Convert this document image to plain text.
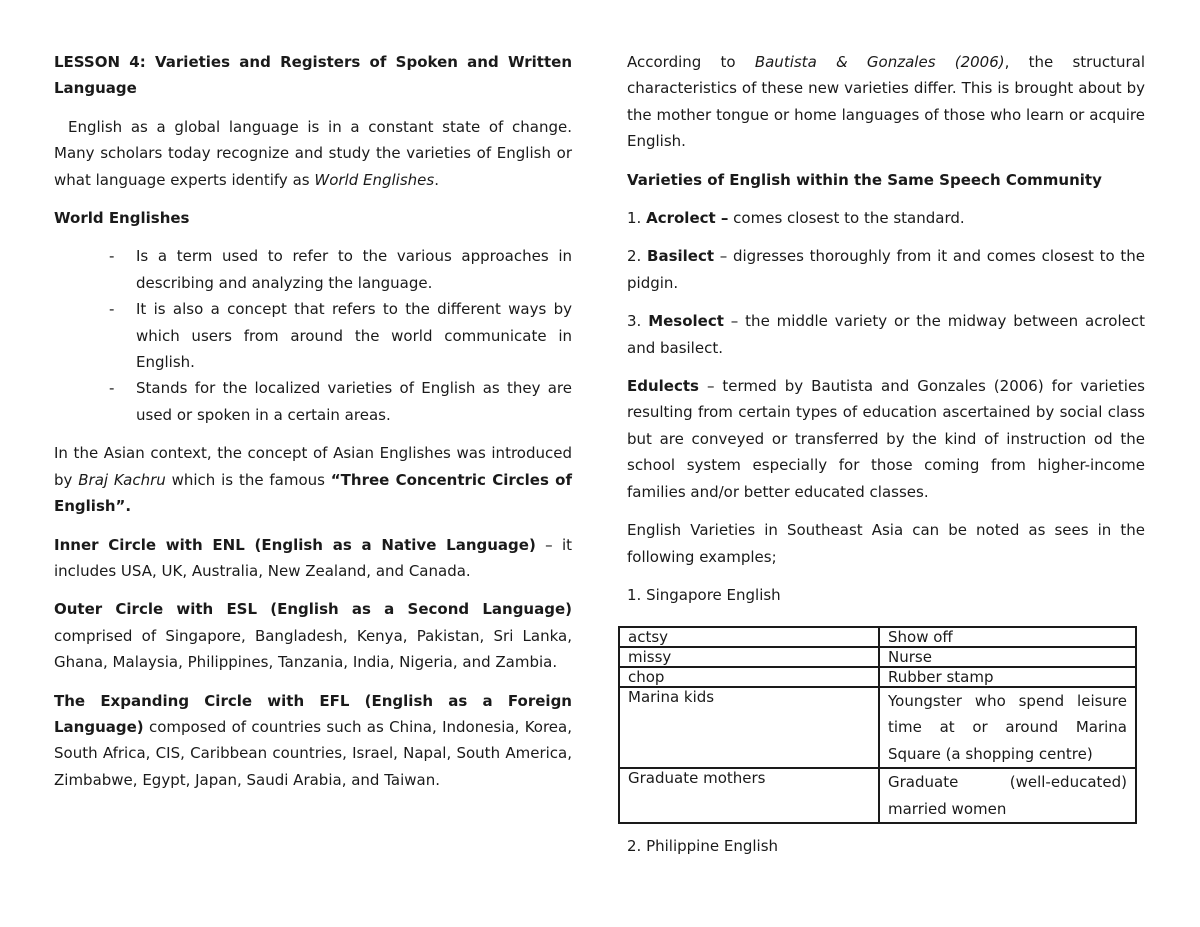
LESSON 4: Varieties and Registers of Spoken and Written Language

English as a global language is in a constant state of change. Many scholars today recognize and study the varieties of English or what language experts identify as World Englishes.

World Englishes
- Is a term used to refer to the various approaches in describing and analyzing the language.
- It is also a concept that refers to the different ways by which users from around the world communicate in English.
- Stands for the localized varieties of English as they are used or spoken in a certain areas.

In the Asian context, the concept of Asian Englishes was introduced by Braj Kachru which is the famous “Three Concentric Circles of English”.

Inner Circle with ENL (English as a Native Language) – it includes USA, UK, Australia, New Zealand, and Canada.

Outer Circle with ESL (English as a Second Language) comprised of Singapore, Bangladesh, Kenya, Pakistan, Sri Lanka, Ghana, Malaysia, Philippines, Tanzania, India, Nigeria, and Zambia.

The Expanding Circle with EFL (English as a Foreign Language) composed of countries such as China, Indonesia, Korea, South Africa, CIS, Caribbean countries, Israel, Napal, South America, Zimbabwe, Egypt, Japan, Saudi Arabia, and Taiwan.

According to Bautista & Gonzales (2006), the structural characteristics of these new varieties differ. This is brought about by the mother tongue or home languages of those who learn or acquire English.

Varieties of English within the Same Speech Community

1. Acrolect – comes closest to the standard.

2. Basilect – digresses thoroughly from it and comes closest to the pidgin.

3. Mesolect – the middle variety or the midway between acrolect and basilect.

Edulects – termed by Bautista and Gonzales (2006) for varieties resulting from certain types of education ascertained by social class but are conveyed or transferred by the kind of instruction od the school system especially for those coming from higher-income families and/or better educated classes.

English Varieties in Southeast Asia can be noted as sees in the following examples;

1. Singapore English

actsy	Show off
missy	Nurse
chop	Rubber stamp
Marina kids	Youngster who spend leisure time at or around Marina Square (a shopping centre)
Graduate mothers	Graduate (well-educated) married women
2. Philippine English
